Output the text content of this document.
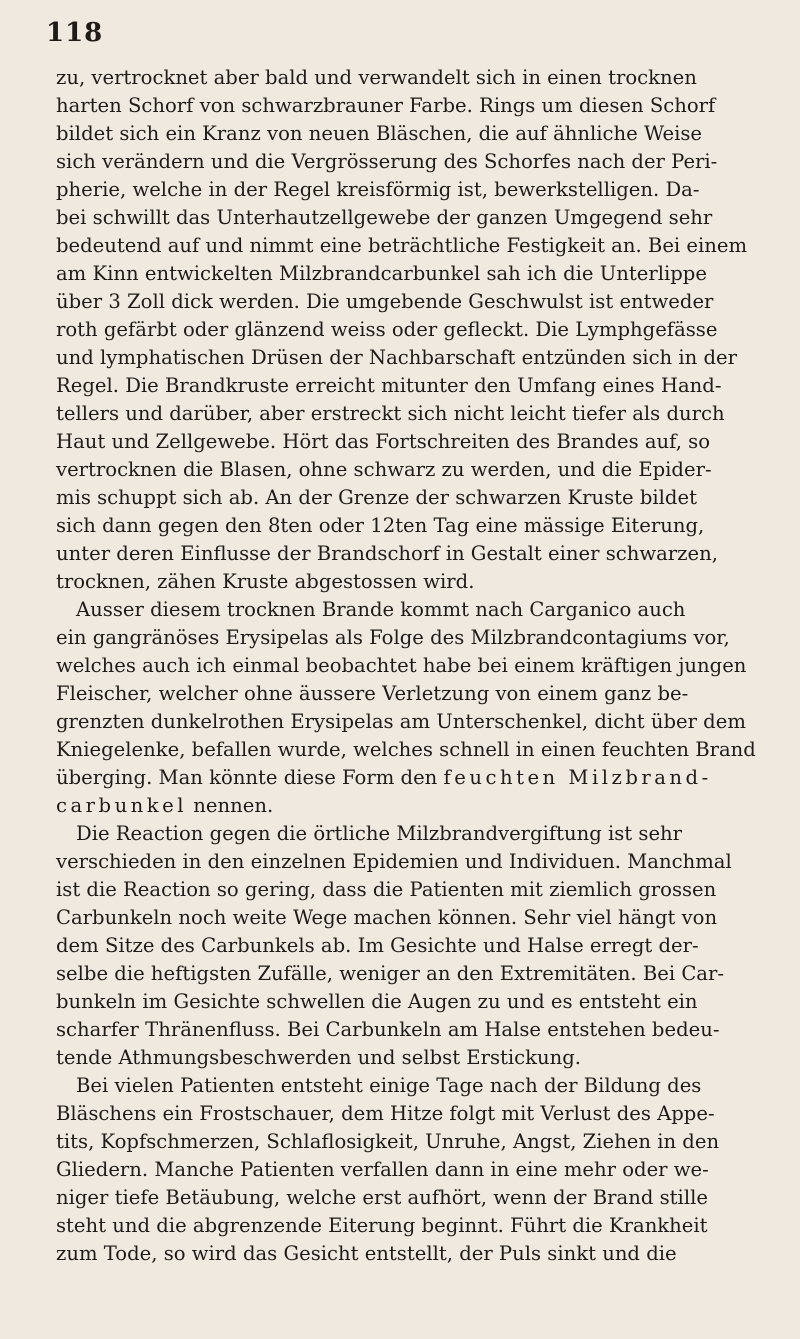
118
zu, vertrocknet aber bald und verwandelt sich in einen trocknen
harten Schorf von schwarzbrauner Farbe. Rings um diesen Schorf
bildet sich ein Kranz von neuen Bläschen, die auf ähnliche Weise
sich verändern und die Vergrösserung des Schorfes nach der Peri-
pherie, welche in der Regel kreisförmig ist, bewerkstelligen. Da-
bei schwillt das Unterhautzellgewebe der ganzen Umgegend sehr
bedeutend auf und nimmt eine beträchtliche Festigkeit an. Bei einem
am Kinn entwickelten Milzbrandcarbunkel sah ich die Unterlippe
über 3 Zoll dick werden. Die umgebende Geschwulst ist entweder
roth gefärbt oder glänzend weiss oder gefleckt. Die Lymphgefässe
und lymphatischen Drüsen der Nachbarschaft entzünden sich in der
Regel. Die Brandkruste erreicht mitunter den Umfang eines Hand-
tellers und darüber, aber erstreckt sich nicht leicht tiefer als durch
Haut und Zellgewebe. Hört das Fortschreiten des Brandes auf, so
vertrocknen die Blasen, ohne schwarz zu werden, und die Epider-
mis schuppt sich ab. An der Grenze der schwarzen Kruste bildet
sich dann gegen den 8ten oder 12ten Tag eine mässige Eiterung,
unter deren Einflusse der Brandschorf in Gestalt einer schwarzen,
trocknen, zähen Kruste abgestossen wird.
Ausser diesem trocknen Brande kommt nach Carganico auch
ein gangränöses Erysipelas als Folge des Milzbrandcontagiums vor,
welches auch ich einmal beobachtet habe bei einem kräftigen jungen
Fleischer, welcher ohne äussere Verletzung von einem ganz be-
grenzten dunkelrothen Erysipelas am Unterschenkel, dicht über dem
Kniegelenke, befallen wurde, welches schnell in einen feuchten Brand
überging. Man könnte diese Form den feuchten Milzbrand-
carbunkel nennen.
Die Reaction gegen die örtliche Milzbrandvergiftung ist sehr
verschieden in den einzelnen Epidemien und Individuen. Manchmal
ist die Reaction so gering, dass die Patienten mit ziemlich grossen
Carbunkeln noch weite Wege machen können. Sehr viel hängt von
dem Sitze des Carbunkels ab. Im Gesichte und Halse erregt der-
selbe die heftigsten Zufälle, weniger an den Extremitäten. Bei Car-
bunkeln im Gesichte schwellen die Augen zu und es entsteht ein
scharfer Thränenfluss. Bei Carbunkeln am Halse entstehen bedeu-
tende Athmungsbeschwerden und selbst Erstickung.
Bei vielen Patienten entsteht einige Tage nach der Bildung des
Bläschens ein Frostschauer, dem Hitze folgt mit Verlust des Appe-
tits, Kopfschmerzen, Schlaflosigkeit, Unruhe, Angst, Ziehen in den
Gliedern. Manche Patienten verfallen dann in eine mehr oder we-
niger tiefe Betäubung, welche erst aufhört, wenn der Brand stille
steht und die abgrenzende Eiterung beginnt. Führt die Krankheit
zum Tode, so wird das Gesicht entstellt, der Puls sinkt und die
